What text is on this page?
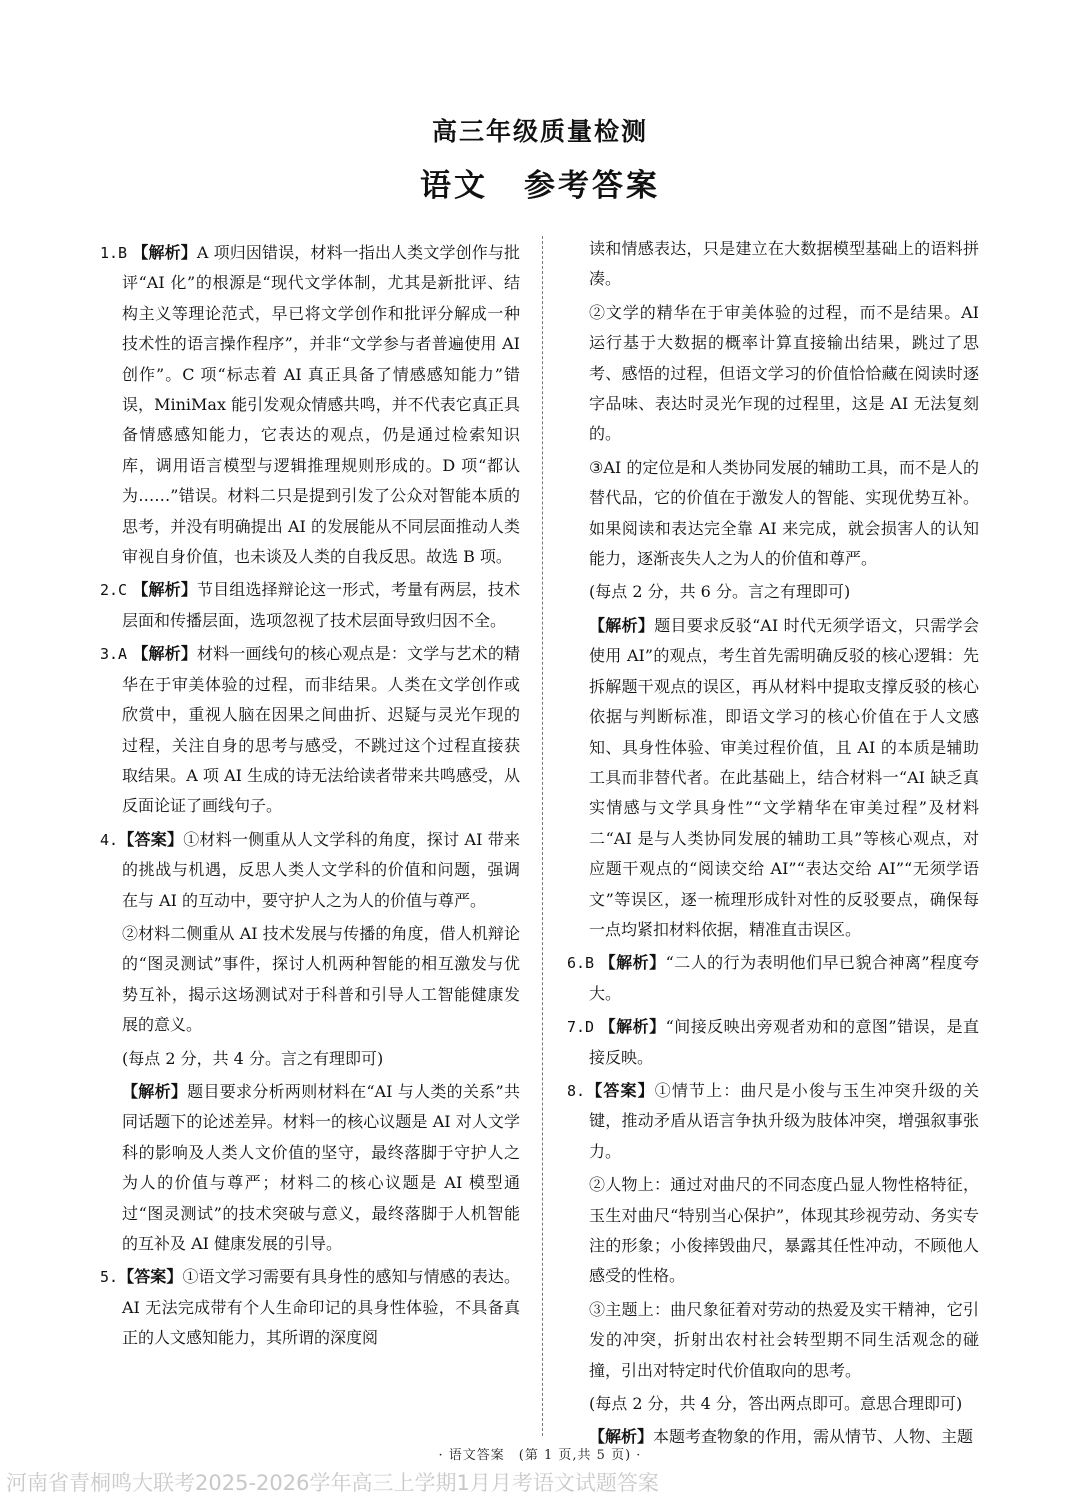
高三年级质量检测
语文 参考答案

1.B 【解析】A 项归因错误，材料一指出人类文学创作与批评“AI 化”的根源是“现代文学体制，尤其是新批评、结构主义等理论范式，早已将文学创作和批评分解成一种技术性的语言操作程序”，并非“文学参与者普遍使用 AI 创作”。C 项“标志着 AI 真正具备了情感感知能力”错误，MiniMax 能引发观众情感共鸣，并不代表它真正具备情感感知能力，它表达的观点，仍是通过检索知识库，调用语言模型与逻辑推理规则形成的。D 项“都认为……”错误。材料二只是提到引发了公众对智能本质的思考，并没有明确提出 AI 的发展能从不同层面推动人类审视自身价值，也未谈及人类的自我反思。故选 B 项。

2.C 【解析】节目组选择辩论这一形式，考量有两层，技术层面和传播层面，选项忽视了技术层面导致归因不全。

3.A 【解析】材料一画线句的核心观点是：文学与艺术的精华在于审美体验的过程，而非结果。人类在文学创作或欣赏中，重视人脑在因果之间曲折、迟疑与灵光乍现的过程，关注自身的思考与感受，不跳过这个过程直接获取结果。A 项 AI 生成的诗无法给读者带来共鸣感受，从反面论证了画线句子。

4.【答案】①材料一侧重从人文学科的角度，探讨 AI 带来的挑战与机遇，反思人类人文学科的价值和问题，强调在与 AI 的互动中，要守护人之为人的价值与尊严。

②材料二侧重从 AI 技术发展与传播的角度，借人机辩论的“图灵测试”事件，探讨人机两种智能的相互激发与优势互补，揭示这场测试对于科普和引导人工智能健康发展的意义。

(每点 2 分，共 4 分。言之有理即可)

【解析】题目要求分析两则材料在“AI 与人类的关系”共同话题下的论述差异。材料一的核心议题是 AI 对人文学科的影响及人类人文价值的坚守，最终落脚于守护人之为人的价值与尊严；材料二的核心议题是 AI 模型通过“图灵测试”的技术突破与意义，最终落脚于人机智能的互补及 AI 健康发展的引导。

5.【答案】①语文学习需要有具身性的感知与情感的表达。AI 无法完成带有个人生命印记的具身性体验，不具备真正的人文感知能力，其所谓的深度阅

读和情感表达，只是建立在大数据模型基础上的语料拼凑。

②文学的精华在于审美体验的过程，而不是结果。AI 运行基于大数据的概率计算直接输出结果，跳过了思考、感悟的过程，但语文学习的价值恰恰藏在阅读时逐字品味、表达时灵光乍现的过程里，这是 AI 无法复刻的。

③AI 的定位是和人类协同发展的辅助工具，而不是人的替代品，它的价值在于激发人的智能、实现优势互补。如果阅读和表达完全靠 AI 来完成，就会损害人的认知能力，逐渐丧失人之为人的价值和尊严。

(每点 2 分，共 6 分。言之有理即可)

【解析】题目要求反驳“AI 时代无须学语文，只需学会使用 AI”的观点，考生首先需明确反驳的核心逻辑：先拆解题干观点的误区，再从材料中提取支撑反驳的核心依据与判断标准，即语文学习的核心价值在于人文感知、具身性体验、审美过程价值，且 AI 的本质是辅助工具而非替代者。在此基础上，结合材料一“AI 缺乏真实情感与文学具身性”“文学精华在审美过程”及材料二“AI 是与人类协同发展的辅助工具”等核心观点，对应题干观点的“阅读交给 AI”“表达交给 AI”“无须学语文”等误区，逐一梳理形成针对性的反驳要点，确保每一点均紧扣材料依据，精准直击误区。

6.B 【解析】“二人的行为表明他们早已貌合神离”程度夸大。

7.D 【解析】“间接反映出旁观者劝和的意图”错误，是直接反映。

8.【答案】①情节上：曲尺是小俊与玉生冲突升级的关键，推动矛盾从语言争执升级为肢体冲突，增强叙事张力。

②人物上：通过对曲尺的不同态度凸显人物性格特征，玉生对曲尺“特别当心保护”，体现其珍视劳动、务实专注的形象；小俊摔毁曲尺，暴露其任性冲动，不顾他人感受的性格。

③主题上：曲尺象征着对劳动的热爱及实干精神，它引发的冲突，折射出农村社会转型期不同生活观念的碰撞，引出对特定时代价值取向的思考。

(每点 2 分，共 4 分，答出两点即可。意思合理即可)

【解析】本题考查物象的作用，需从情节、人物、主题

· 语文答案　(第 1 页,共 5 页) ·
河南省青桐鸣大联考2025-2026学年高三上学期1月月考语文试题答案
